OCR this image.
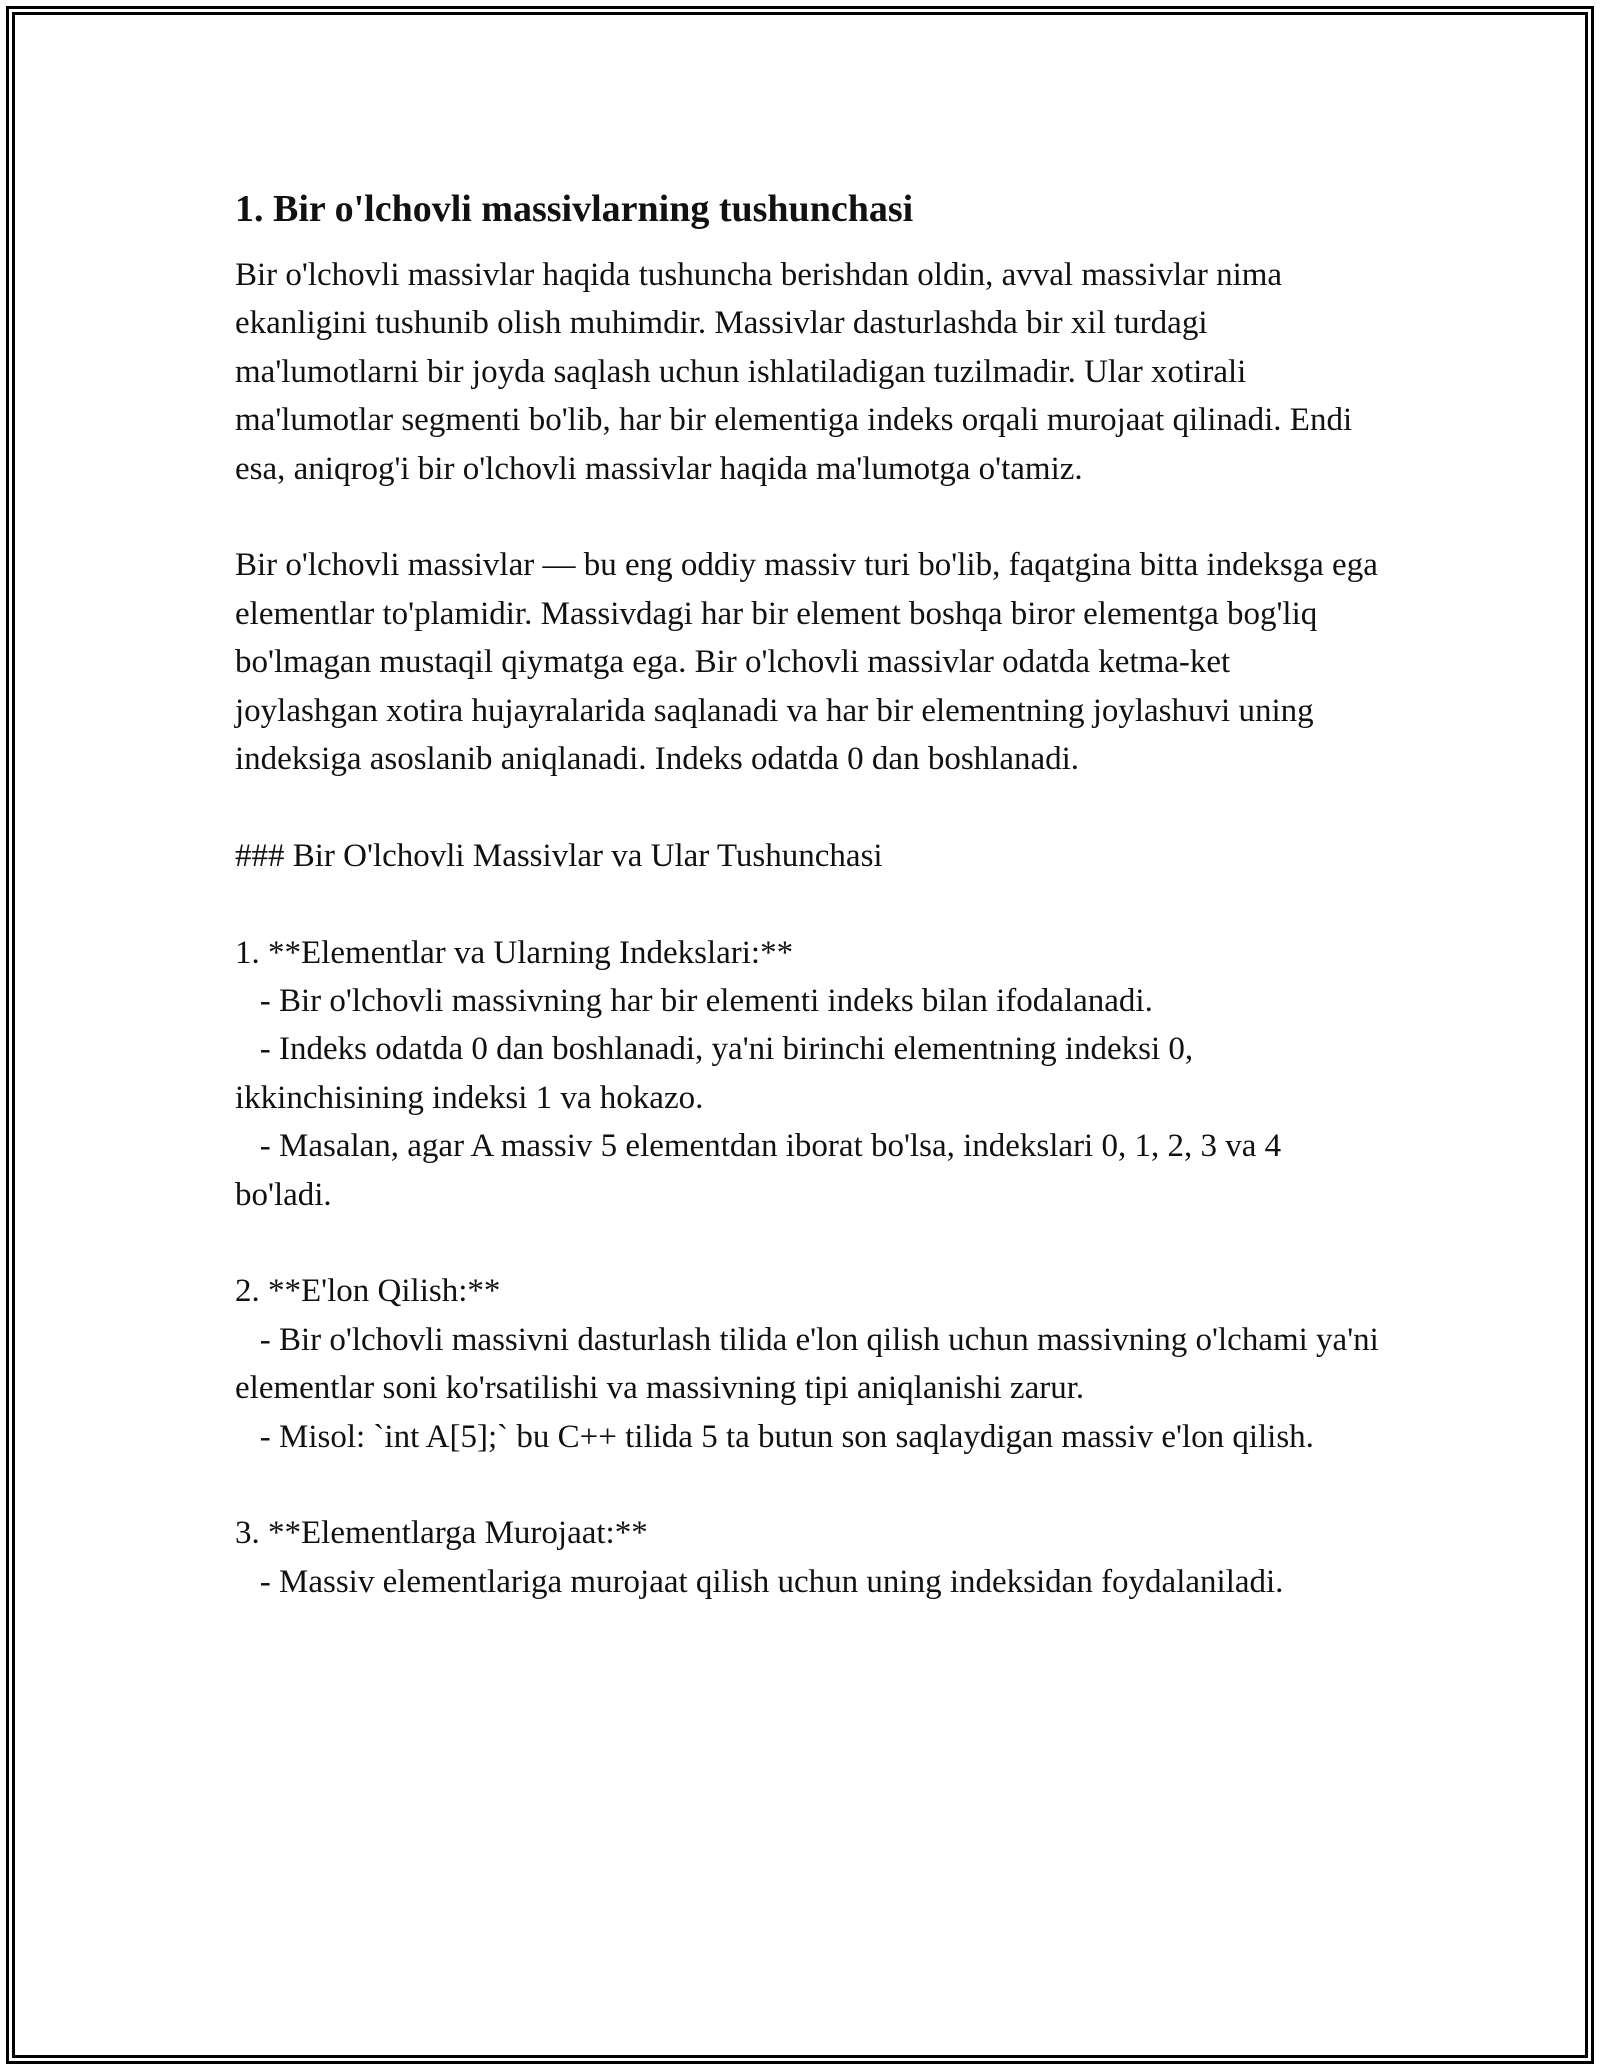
1. Bir o'lchovli massivlarning tushunchasi

Bir o'lchovli massivlar haqida tushuncha berishdan oldin, avval massivlar nima ekanligini tushunib olish muhimdir. Massivlar dasturlashda bir xil turdagi ma'lumotlarni bir joyda saqlash uchun ishlatiladigan tuzilmadir. Ular xotirali ma'lumotlar segmenti bo'lib, har bir elementiga indeks orqali murojaat qilinadi. Endi esa, aniqrog'i bir o'lchovli massivlar haqida ma'lumotga o'tamiz.

Bir o'lchovli massivlar — bu eng oddiy massiv turi bo'lib, faqatgina bitta indeksga ega elementlar to'plamidir. Massivdagi har bir element boshqa biror elementga bog'liq bo'lmagan mustaqil qiymatga ega. Bir o'lchovli massivlar odatda ketma-ket joylashgan xotira hujayralarida saqlanadi va har bir elementning joylashuvi uning indeksiga asoslanib aniqlanadi. Indeks odatda 0 dan boshlanadi.

### Bir O'lchovli Massivlar va Ular Tushunchasi

1. **Elementlar va Ularning Indekslari:**
- Bir o'lchovli massivning har bir elementi indeks bilan ifodalanadi.
- Indeks odatda 0 dan boshlanadi, ya'ni birinchi elementning indeksi 0, ikkinchisining indeksi 1 va hokazo.
- Masalan, agar A massiv 5 elementdan iborat bo'lsa, indekslari 0, 1, 2, 3 va 4 bo'ladi.
2. **E'lon Qilish:**
- Bir o'lchovli massivni dasturlash tilida e'lon qilish uchun massivning o'lchami ya'ni elementlar soni ko'rsatilishi va massivning tipi aniqlanishi zarur.
- Misol: `int A[5];` bu C++ tilida 5 ta butun son saqlaydigan massiv e'lon qilish.
3. **Elementlarga Murojaat:**
- Massiv elementlariga murojaat qilish uchun uning indeksidan foydalaniladi.
